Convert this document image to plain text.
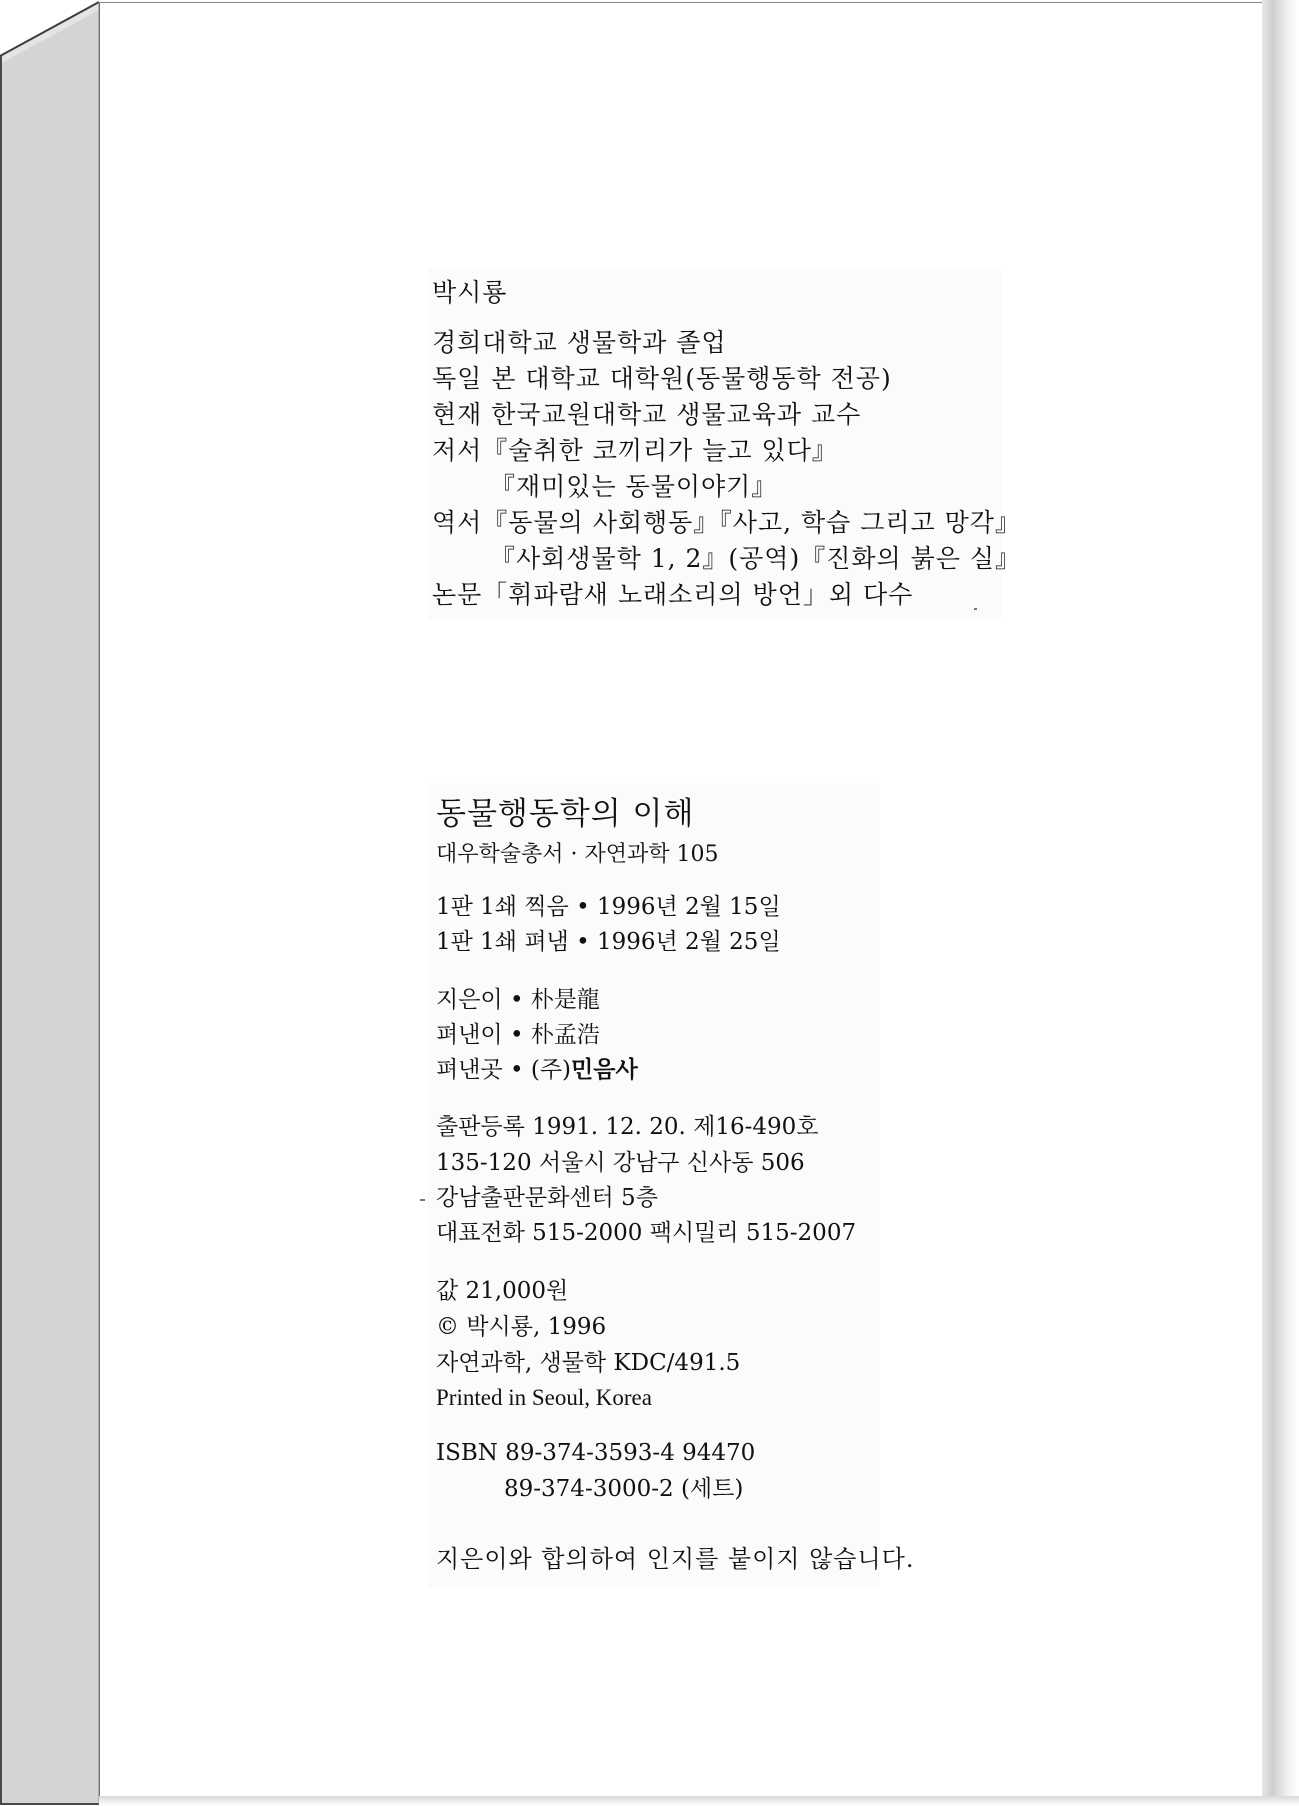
박시룡
경희대학교 생물학과 졸업
독일 본 대학교 대학원(동물행동학 전공)
현재 한국교원대학교 생물교육과 교수
저서『술취한 코끼리가 늘고 있다』
『재미있는 동물이야기』
역서『동물의 사회행동』『사고, 학습 그리고 망각』
『사회생물학 1, 2』(공역)『진화의 붉은 실』
논문「휘파람새 노래소리의 방언」외 다수
동물행동학의 이해
대우학술총서 · 자연과학 105
1판 1쇄 찍음 • 1996년 2월 15일
1판 1쇄 펴냄 • 1996년 2월 25일
지은이 • 朴是龍
펴낸이 • 朴孟浩
펴낸곳 • (주)민음사
출판등록 1991. 12. 20. 제16-490호
135-120 서울시 강남구 신사동 506
강남출판문화센터 5층
대표전화 515-2000 팩시밀리 515-2007
값 21,000원
© 박시룡, 1996
자연과학, 생물학 KDC/491.5
Printed in Seoul, Korea
ISBN 89-374-3593-4 94470
89-374-3000-2 (세트)
지은이와 합의하여 인지를 붙이지 않습니다.
